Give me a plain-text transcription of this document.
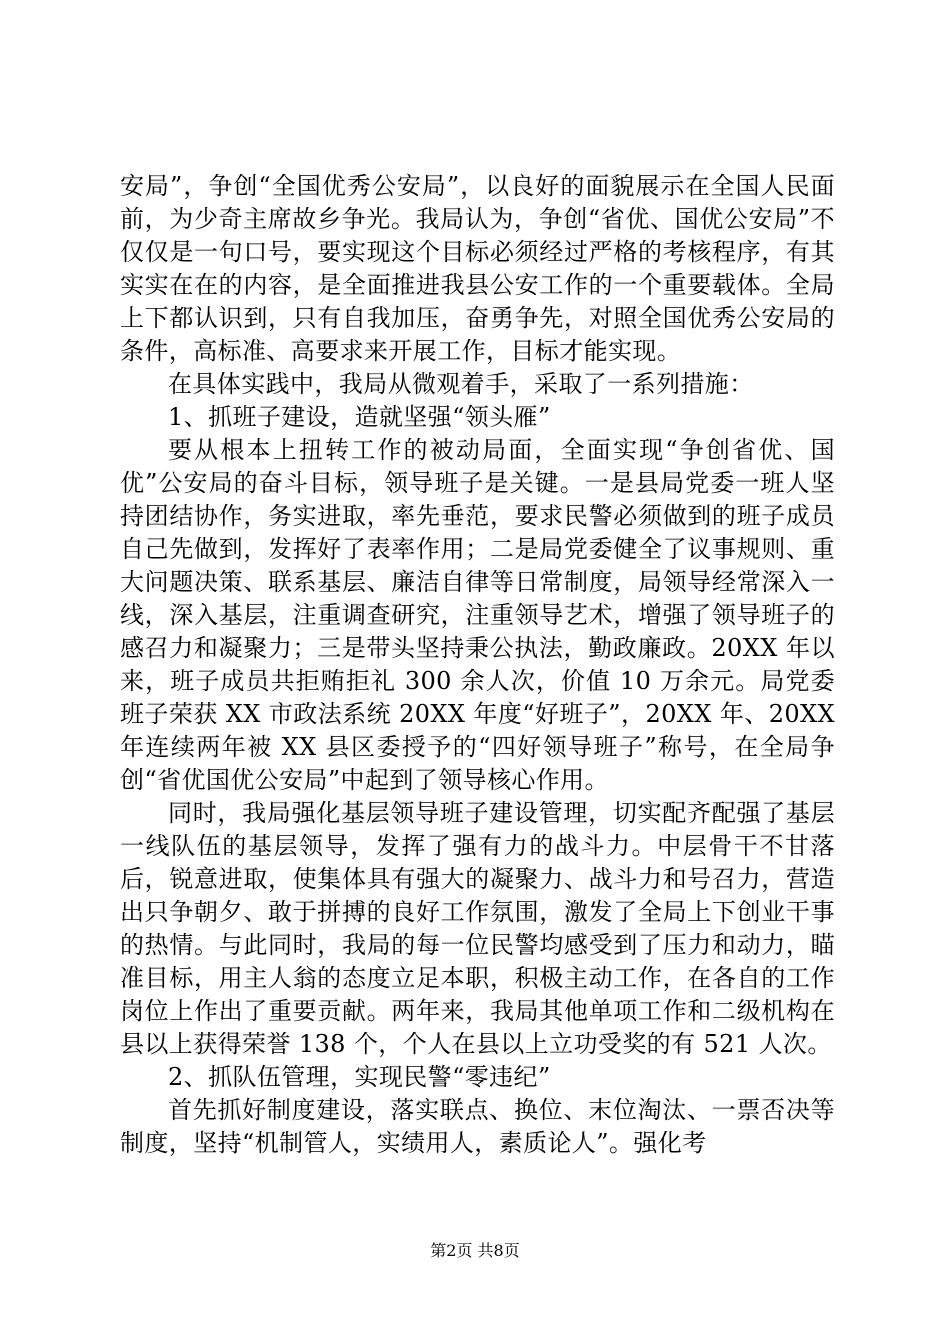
安局”，争创“全国优秀公安局”，以良好的面貌展示在全国人民面前，为少奇主席故乡争光。我局认为，争创“省优、国优公安局”不仅仅是一句口号，要实现这个目标必须经过严格的考核程序，有其实实在在的内容，是全面推进我县公安工作的一个重要载体。全局上下都认识到，只有自我加压，奋勇争先，对照全国优秀公安局的条件，高标准、高要求来开展工作，目标才能实现。

在具体实践中，我局从微观着手，采取了一系列措施：

1、抓班子建设，造就坚强“领头雁”

要从根本上扭转工作的被动局面，全面实现“争创省优、国优”公安局的奋斗目标，领导班子是关键。一是县局党委一班人坚持团结协作，务实进取，率先垂范，要求民警必须做到的班子成员自己先做到，发挥好了表率作用；二是局党委健全了议事规则、重大问题决策、联系基层、廉洁自律等日常制度，局领导经常深入一线，深入基层，注重调查研究，注重领导艺术，增强了领导班子的感召力和凝聚力；三是带头坚持秉公执法，勤政廉政。20XX 年以来，班子成员共拒贿拒礼 300 余人次，价值 10 万余元。局党委班子荣获 XX 市政法系统 20XX 年度“好班子”，20XX 年、20XX 年连续两年被 XX 县区委授予的“四好领导班子”称号，在全局争创“省优国优公安局”中起到了领导核心作用。

同时，我局强化基层领导班子建设管理，切实配齐配强了基层一线队伍的基层领导，发挥了强有力的战斗力。中层骨干不甘落后，锐意进取，使集体具有强大的凝聚力、战斗力和号召力，营造出只争朝夕、敢于拼搏的良好工作氛围，激发了全局上下创业干事的热情。与此同时，我局的每一位民警均感受到了压力和动力，瞄准目标，用主人翁的态度立足本职，积极主动工作，在各自的工作岗位上作出了重要贡献。两年来，我局其他单项工作和二级机构在县以上获得荣誉 138 个，个人在县以上立功受奖的有 521 人次。

2、抓队伍管理，实现民警“零违纪”

首先抓好制度建设，落实联点、换位、末位淘汰、一票否决等制度，坚持“机制管人，实绩用人，素质论人”。强化考

第2页 共8页
